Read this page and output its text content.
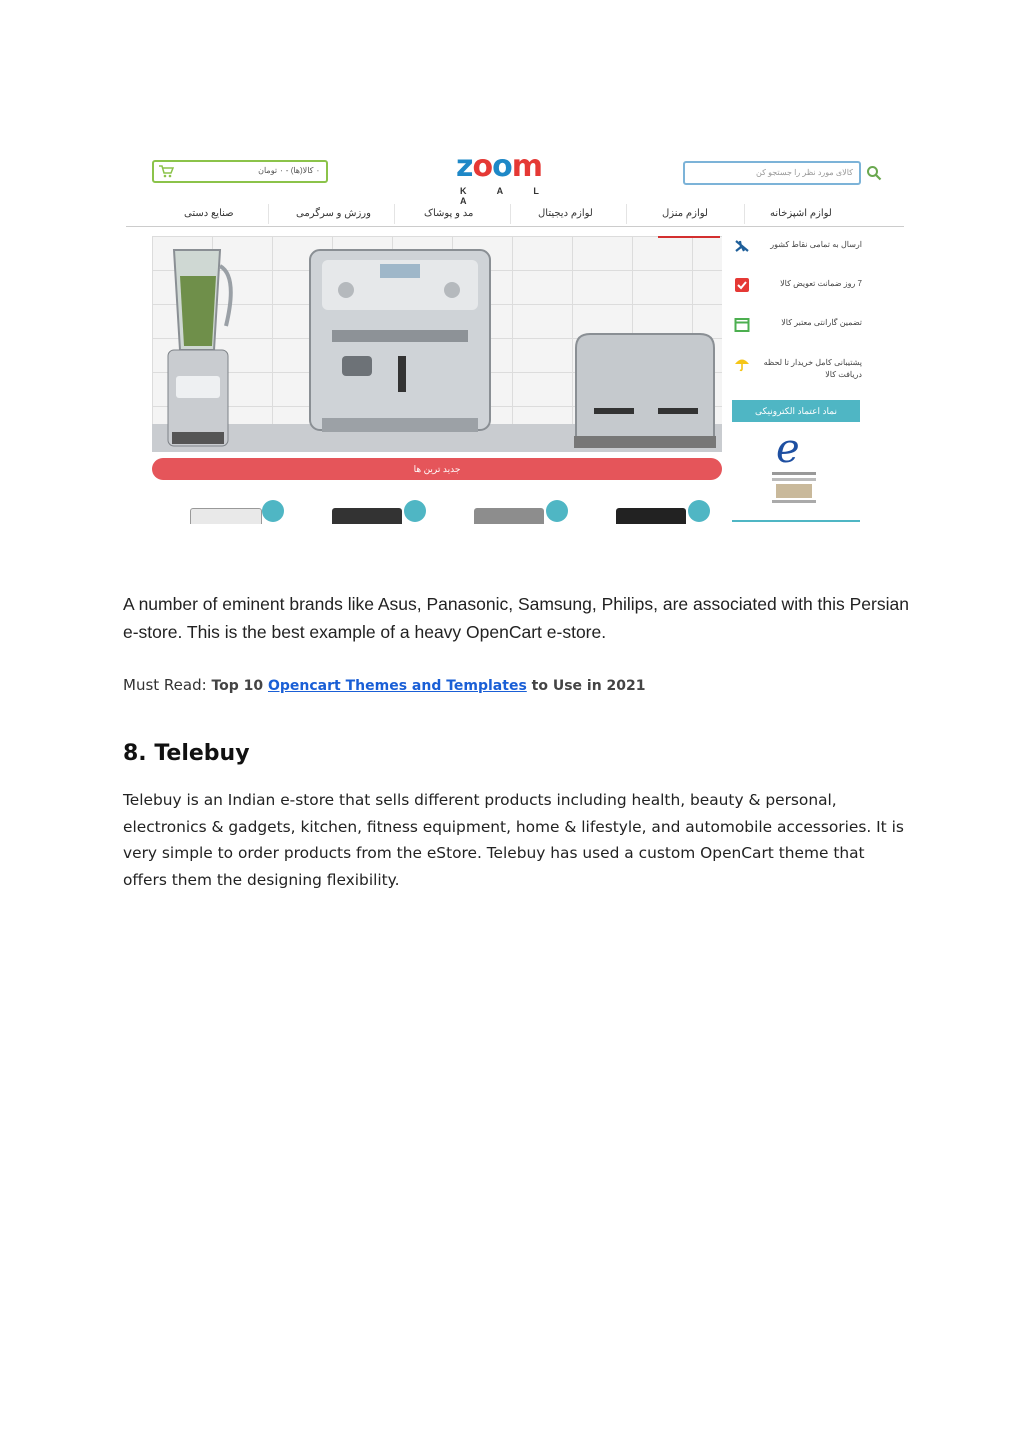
٠ کالا(ها) - ٠ تومان	zoom
K A L A
کالای مورد نظر را جستجو کن
لوازم اشپزخانه
لوازم منزل
لوازم دیجیتال
مد و پوشاک
ورزش و سرگرمی
صنایع دستی
جدید ترین ها
ارسال به تمامی نقاط کشور
7 روز ضمانت تعویض کالا
تضمین گارانتی معتبر کالا
پشتیبانی کامل خریدار تا لحظه دریافت کالا
نماد اعتماد الکترونیکی
e

A number of eminent brands like Asus, Panasonic, Samsung, Philips, are associated with this Persian e-store. This is the best example of a heavy OpenCart e-store.

Must Read: Top 10 Opencart Themes and Templates to Use in 2021

8. Telebuy

Telebuy is an Indian e-store that sells different products including health, beauty & personal, electronics & gadgets, kitchen, fitness equipment, home & lifestyle, and automobile accessories. It is very simple to order products from the eStore. Telebuy has used a custom OpenCart theme that offers them the designing flexibility.
